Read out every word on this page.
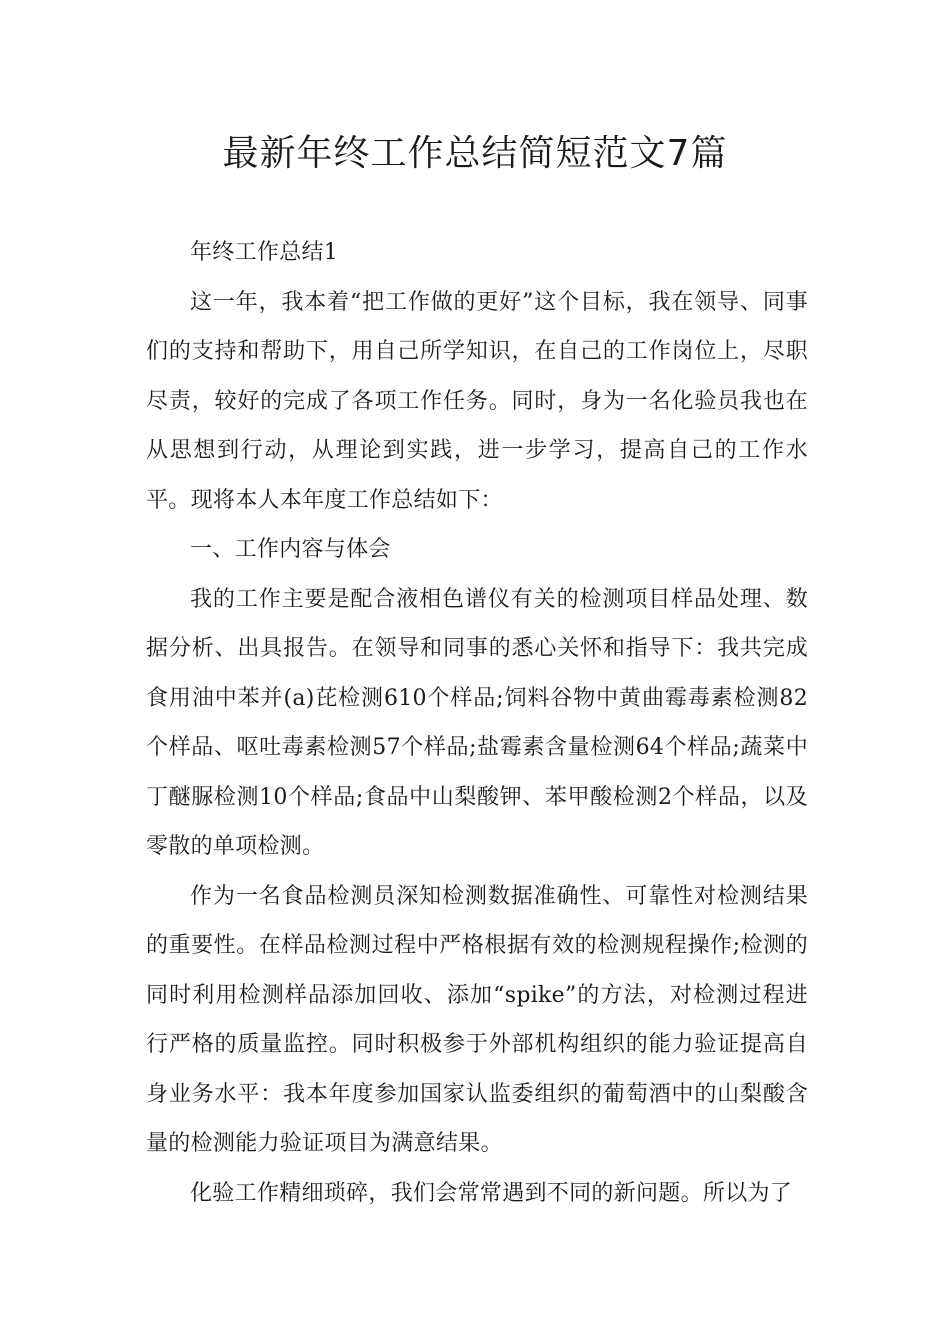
最新年终工作总结简短范文7篇

年终工作总结1

这一年，我本着“把工作做的更好”这个目标，我在领导、同事们的支持和帮助下，用自己所学知识，在自己的工作岗位上，尽职尽责，较好的完成了各项工作任务。同时，身为一名化验员我也在从思想到行动，从理论到实践，进一步学习，提高自己的工作水平。现将本人本年度工作总结如下：

一、工作内容与体会

我的工作主要是配合液相色谱仪有关的检测项目样品处理、数据分析、出具报告。在领导和同事的悉心关怀和指导下：我共完成食用油中苯并(a)芘检测610个样品;饲料谷物中黄曲霉毒素检测82个样品、呕吐毒素检测57个样品;盐霉素含量检测64个样品;蔬菜中丁醚脲检测10个样品;食品中山梨酸钾、苯甲酸检测2个样品，以及零散的单项检测。

作为一名食品检测员深知检测数据准确性、可靠性对检测结果的重要性。在样品检测过程中严格根据有效的检测规程操作;检测的同时利用检测样品添加回收、添加“spike”的方法，对检测过程进行严格的质量监控。同时积极参于外部机构组织的能力验证提高自身业务水平：我本年度参加国家认监委组织的葡萄酒中的山梨酸含量的检测能力验证项目为满意结果。

化验工作精细琐碎，我们会常常遇到不同的新问题。所以为了
